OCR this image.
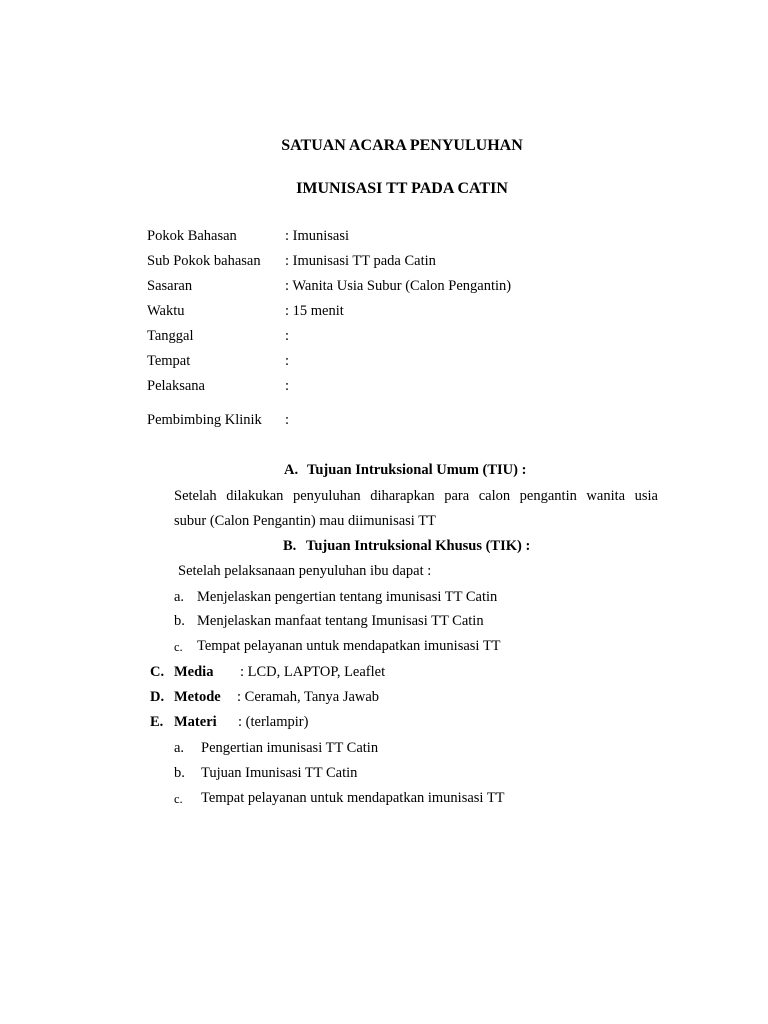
SATUAN ACARA PENYULUHAN
IMUNISASI TT PADA CATIN
Pokok Bahasan	: Imunisasi
Sub Pokok bahasan : Imunisasi TT pada Catin
Sasaran	: Wanita Usia Subur (Calon Pengantin)
Waktu	: 15 menit
Tanggal	:
Tempat	:
Pelaksana	:
Pembimbing Klinik :
A. Tujuan Intruksional Umum (TIU) :
Setelah dilakukan penyuluhan diharapkan para calon pengantin wanita usia
subur (Calon Pengantin) mau diimunisasi TT
B. Tujuan Intruksional Khusus (TIK) :
Setelah pelaksanaan penyuluhan ibu dapat :
a. Menjelaskan pengertian tentang imunisasi TT Catin
b. Menjelaskan manfaat tentang Imunisasi TT Catin
c. Tempat pelayanan untuk mendapatkan imunisasi TT
C. Media : LCD, LAPTOP, Leaflet
D. Metode : Ceramah, Tanya Jawab
E. Materi : (terlampir)
a. Pengertian imunisasi TT Catin
b. Tujuan Imunisasi TT Catin
c. Tempat pelayanan untuk mendapatkan imunisasi TT
